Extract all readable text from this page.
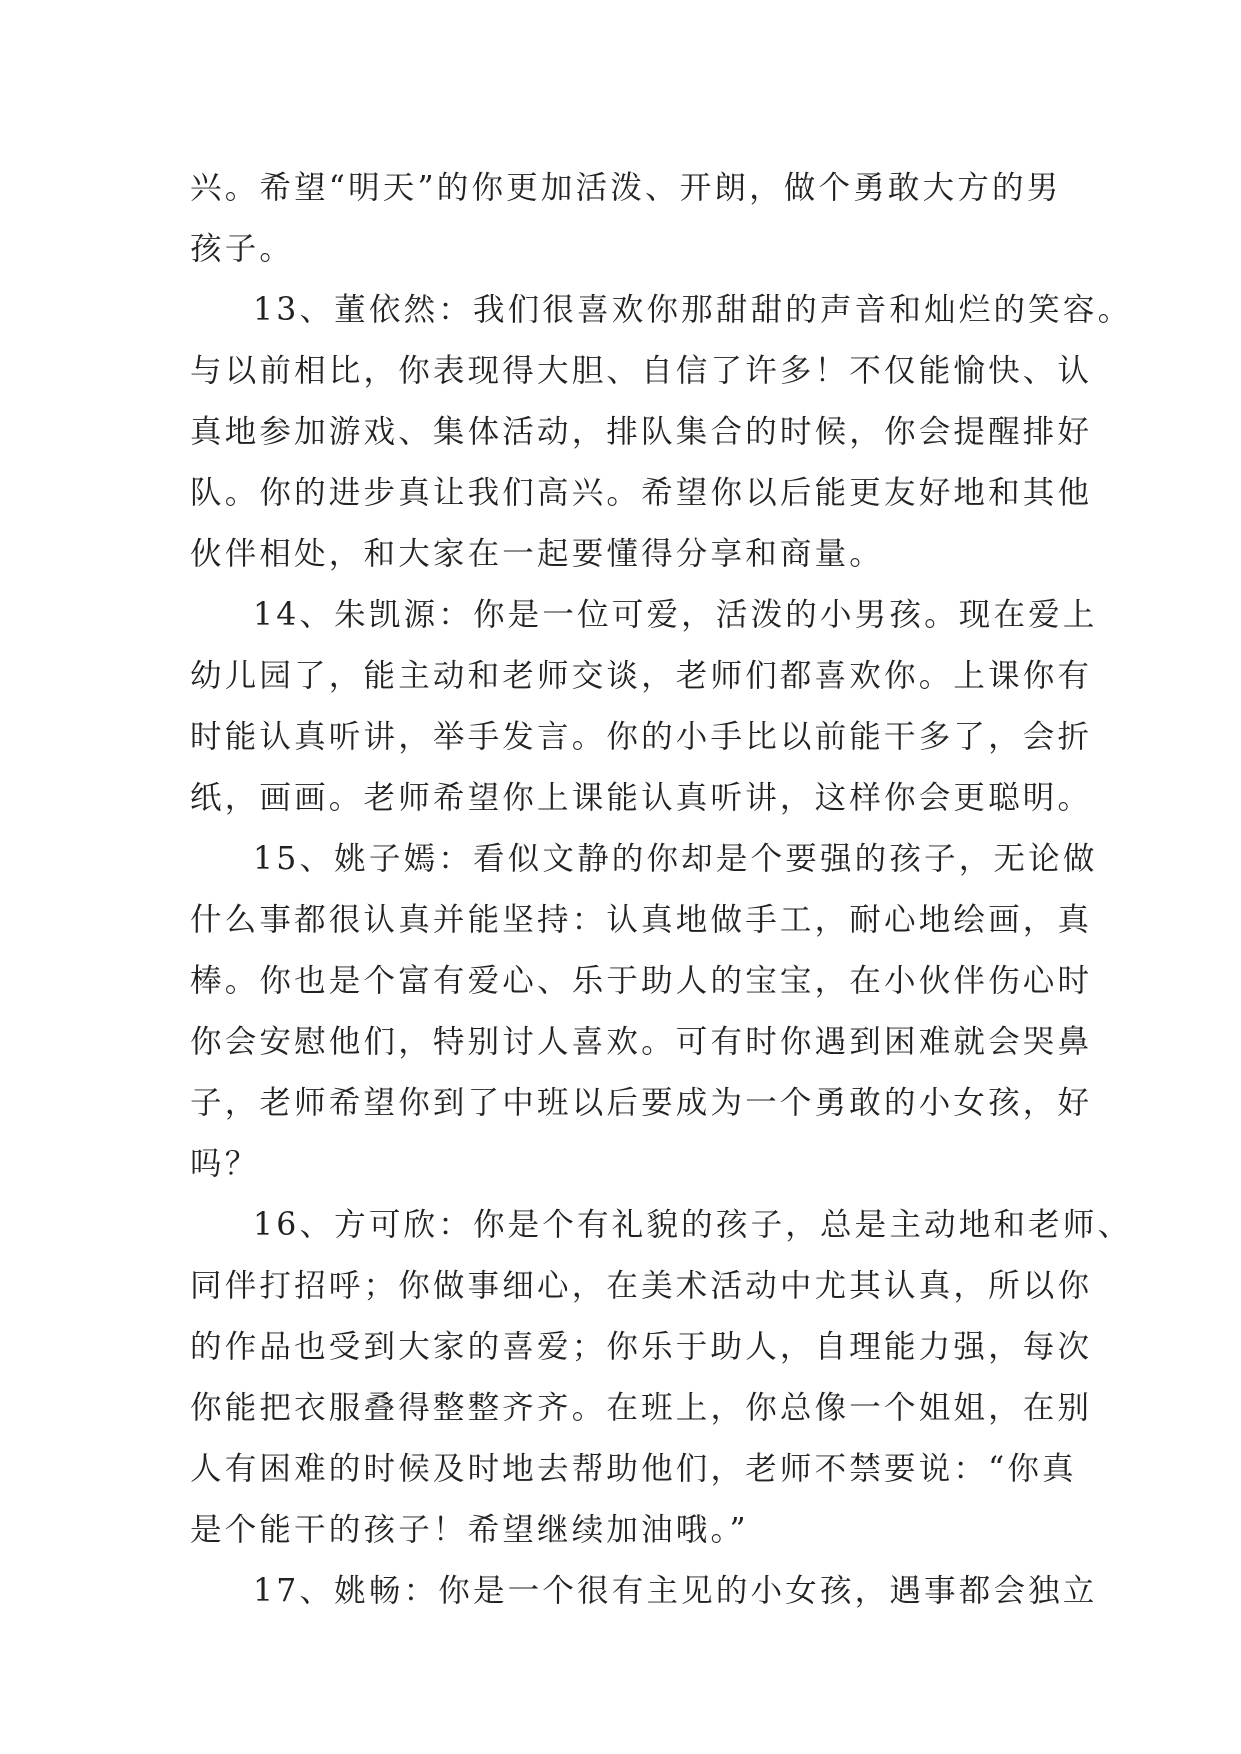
兴。希望“明天”的你更加活泼、开朗，做个勇敢大方的男
孩子。

13、董依然：我们很喜欢你那甜甜的声音和灿烂的笑容。
与以前相比，你表现得大胆、自信了许多！不仅能愉快、认
真地参加游戏、集体活动，排队集合的时候，你会提醒排好
队。你的进步真让我们高兴。希望你以后能更友好地和其他
伙伴相处，和大家在一起要懂得分享和商量。

14、朱凯源：你是一位可爱，活泼的小男孩。现在爱上
幼儿园了，能主动和老师交谈，老师们都喜欢你。上课你有
时能认真听讲，举手发言。你的小手比以前能干多了，会折
纸，画画。老师希望你上课能认真听讲，这样你会更聪明。

15、姚子嫣：看似文静的你却是个要强的孩子，无论做
什么事都很认真并能坚持：认真地做手工，耐心地绘画，真
棒。你也是个富有爱心、乐于助人的宝宝，在小伙伴伤心时
你会安慰他们，特别讨人喜欢。可有时你遇到困难就会哭鼻
子，老师希望你到了中班以后要成为一个勇敢的小女孩，好
吗？

16、方可欣：你是个有礼貌的孩子，总是主动地和老师、
同伴打招呼；你做事细心，在美术活动中尤其认真，所以你
的作品也受到大家的喜爱；你乐于助人，自理能力强，每次
你能把衣服叠得整整齐齐。在班上，你总像一个姐姐，在别
人有困难的时候及时地去帮助他们，老师不禁要说：“你真
是个能干的孩子！希望继续加油哦。”

17、姚畅：你是一个很有主见的小女孩，遇事都会独立
